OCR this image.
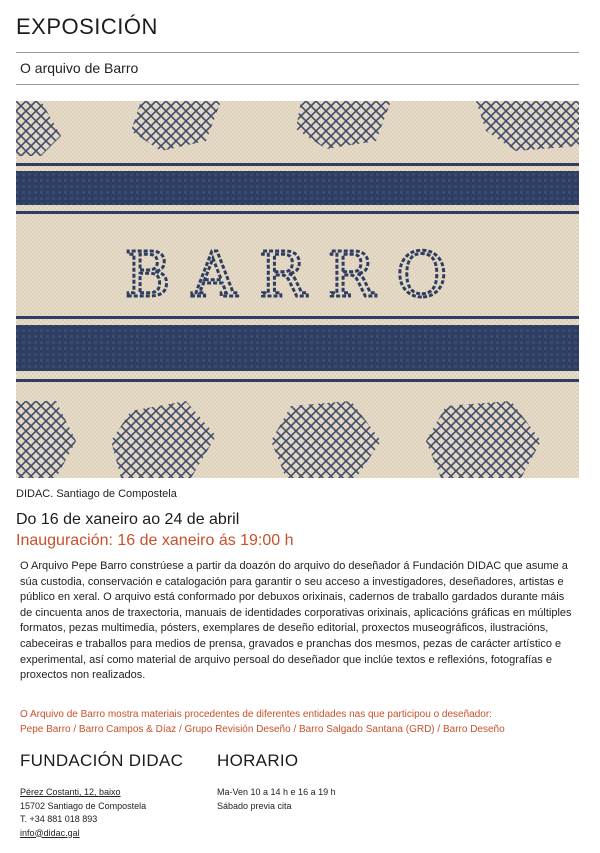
EXPOSICIÓN
O arquivo de Barro
BARRO
DIDAC. Santiago de Compostela
Do 16 de xaneiro ao 24 de abril
Inauguración: 16 de xaneiro ás 19:00 h

O Arquivo Pepe Barro constrúese a partir da doazón do arquivo do deseñador á Fundación DIDAC que asume a súa custodia, conservación e catalogación para garantir o seu acceso a investigadores, deseñadores, artistas e público en xeral. O arquivo está conformado por debuxos orixinais, cadernos de traballo gardados durante máis de cincuenta anos de traxectoria, manuais de identidades corporativas orixinais, aplicacións gráficas en múltiples formatos, pezas multimedia, pósters, exemplares de deseño editorial, proxectos museográficos, ilustracións, cabeceiras e traballos para medios de prensa, gravados e pranchas dos mesmos, pezas de carácter artístico e experimental, así como material de arquivo persoal do deseñador que inclúe textos e reflexións, fotografías e proxectos non realizados.

O Arquivo de Barro mostra materiais procedentes de diferentes entidades nas que participou o deseñador:
Pepe Barro / Barro Campos & Díaz / Grupo Revisión Deseño / Barro Salgado Santana (GRD) / Barro Deseño

FUNDACIÓN DIDAC HORARIO
Pérez Costanti, 12, baixo
15702 Santiago de Compostela
T. +34 881 018 893
info@didac.gal
Ma-Ven 10 a 14 h e 16 a 19 h
Sábado previa cita
